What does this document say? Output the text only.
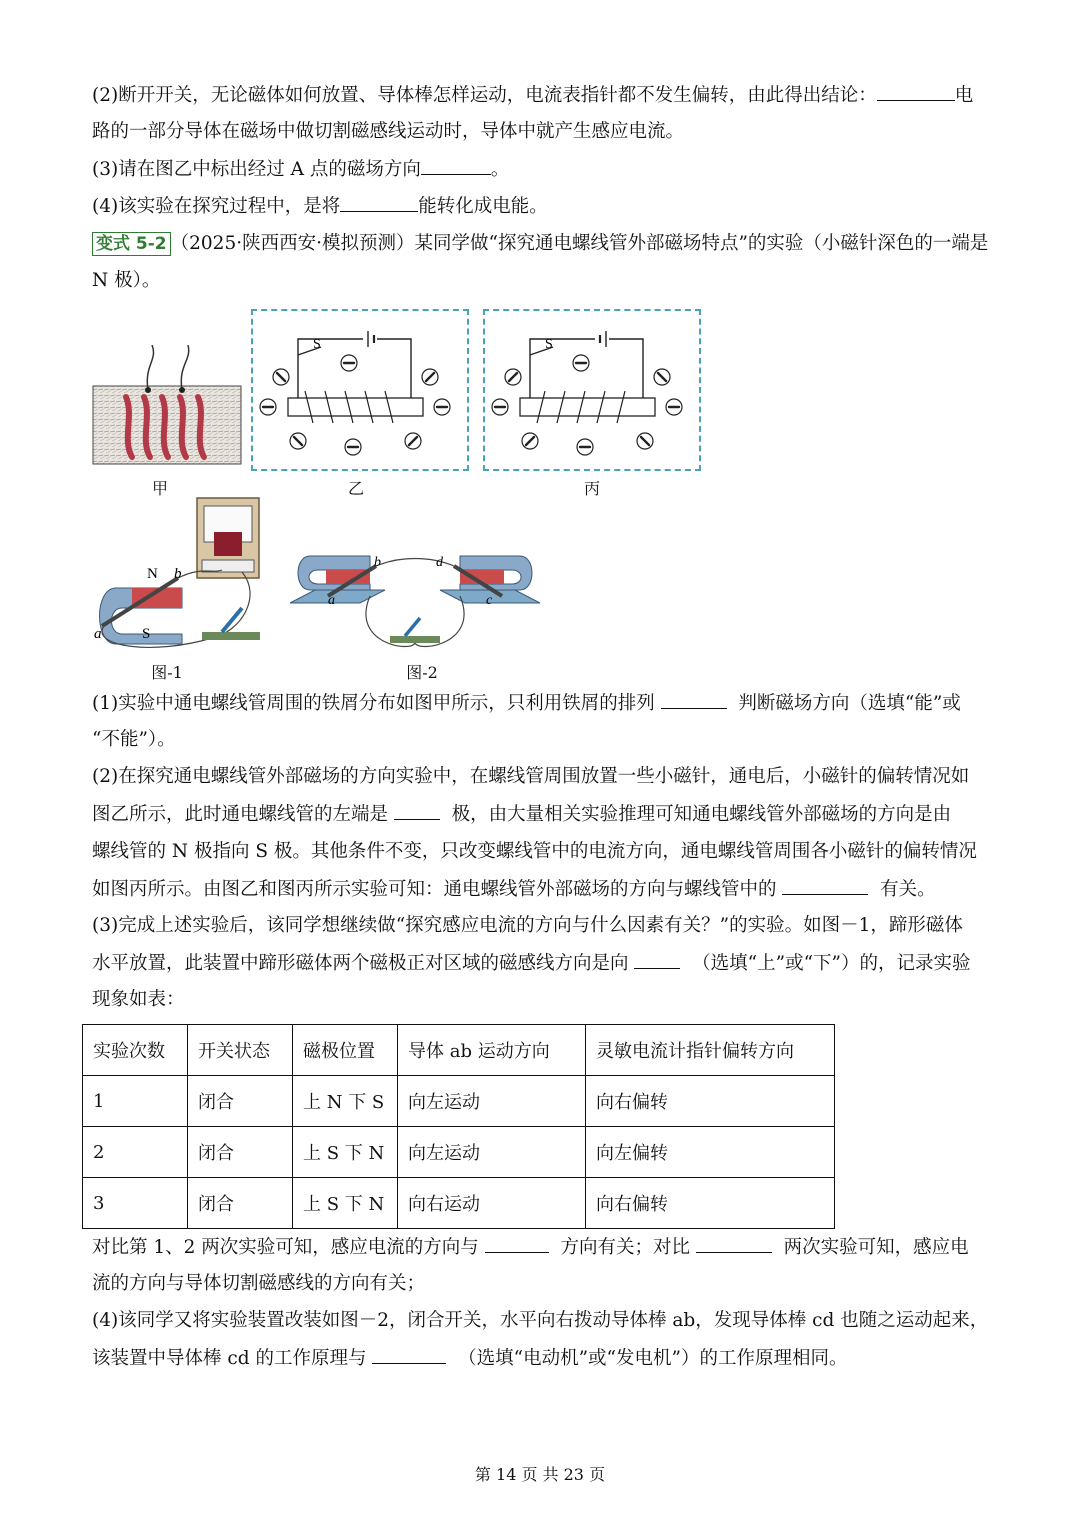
(2)断开开关，无论磁体如何放置、导体棒怎样运动，电流表指针都不发生偏转，由此得出结论：	电
路的一部分导体在磁场中做切割磁感线运动时，导体中就产生感应电流。
(3)请在图乙中标出经过 A 点的磁场方向	。
(4)该实验在探究过程中，是将	能转化成电能。
变式 5-2 （2025·陕西西安·模拟预测）某同学做“探究通电螺线管外部磁场特点”的实验（小磁针深色的一端是
N 极）。
甲
S
乙
S
丙
N b
a	S
图-1
a
b
c
d
图-2
(1)实验中通电螺线管周围的铁屑分布如图甲所示，只利用铁屑的排列	判断磁场方向（选填“能”或
“不能”）。
(2)在探究通电螺线管外部磁场的方向实验中，在螺线管周围放置一些小磁针，通电后，小磁针的偏转情况如
图乙所示，此时通电螺线管的左端是	极，由大量相关实验推理可知通电螺线管外部磁场的方向是由
螺线管的 N 极指向 S 极。其他条件不变，只改变螺线管中的电流方向，通电螺线管周围各小磁针的偏转情况
如图丙所示。由图乙和图丙所示实验可知：通电螺线管外部磁场的方向与螺线管中的	有关。
(3)完成上述实验后，该同学想继续做“探究感应电流的方向与什么因素有关？”的实验。如图－1，蹄形磁体
水平放置，此装置中蹄形磁体两个磁极正对区域的磁感线方向是向	（选填“上”或“下”）的，记录实验
现象如表：
实验次数	开关状态	磁极位置	导体 ab 运动方向	灵敏电流计指针偏转方向
1	闭合	上 N 下 S	向左运动	向右偏转
2	闭合	上 S 下 N	向左运动	向左偏转
3	闭合	上 S 下 N	向右运动	向右偏转
对比第 1、2 两次实验可知，感应电流的方向与	方向有关；对比	两次实验可知，感应电
流的方向与导体切割磁感线的方向有关；
(4)该同学又将实验装置改装如图－2，闭合开关，水平向右拨动导体棒 ab，发现导体棒 cd 也随之运动起来，
该装置中导体棒 cd 的工作原理与	（选填“电动机”或“发电机”）的工作原理相同。
第 14 页 共 23 页
